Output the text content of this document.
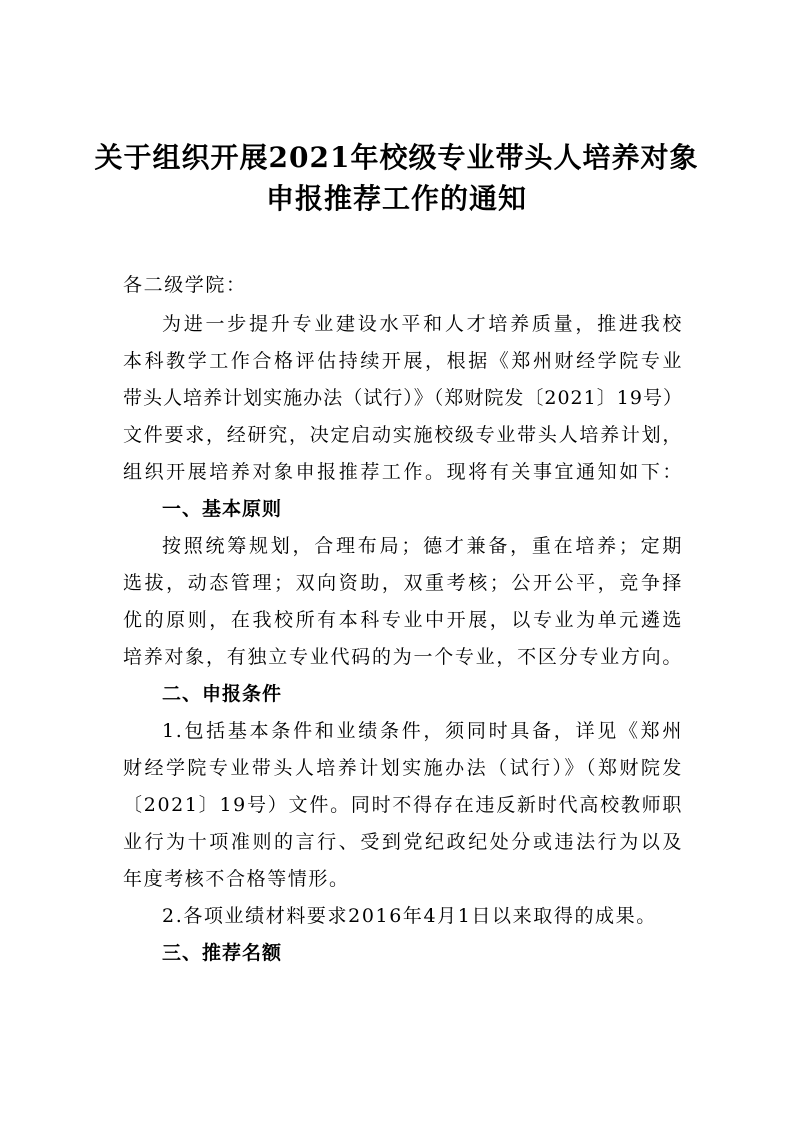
关于组织开展2021年校级专业带头人培养对象
申报推荐工作的通知
各二级学院：
为进一步提升专业建设水平和人才培养质量，推进我校
本科教学工作合格评估持续开展，根据《郑州财经学院专业
带头人培养计划实施办法（试行）》（郑财院发〔2021〕19号）
文件要求，经研究，决定启动实施校级专业带头人培养计划，
组织开展培养对象申报推荐工作。现将有关事宜通知如下：
一、基本原则
按照统筹规划，合理布局；德才兼备，重在培养；定期
选拔，动态管理；双向资助，双重考核；公开公平，竞争择
优的原则，在我校所有本科专业中开展，以专业为单元遴选
培养对象，有独立专业代码的为一个专业，不区分专业方向。
二、申报条件
1.包括基本条件和业绩条件，须同时具备，详见《郑州
财经学院专业带头人培养计划实施办法（试行）》（郑财院发
〔2021〕19号）文件。同时不得存在违反新时代高校教师职
业行为十项准则的言行、受到党纪政纪处分或违法行为以及
年度考核不合格等情形。
2.各项业绩材料要求2016年4月1日以来取得的成果。
三、推荐名额
